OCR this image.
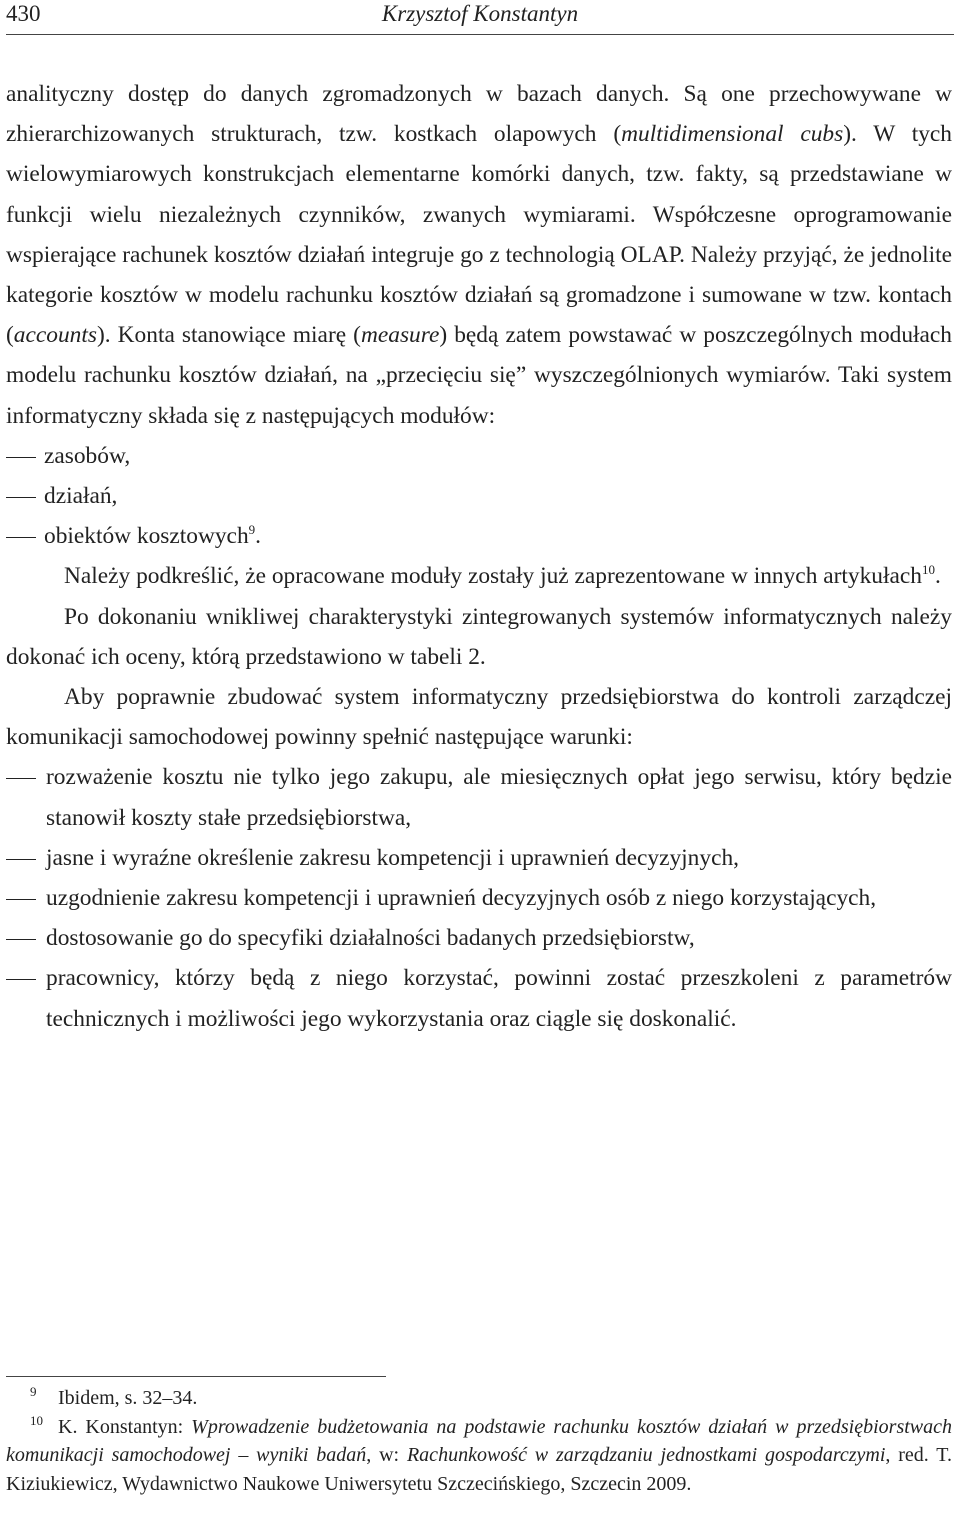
430	Krzysztof Konstantyn

analityczny dostęp do danych zgromadzonych w bazach danych. Są one przechowywane w zhierarchizowanych strukturach, tzw. kostkach olapowych (multidimensional cubs). W tych wielowymiarowych konstrukcjach elementarne komórki danych, tzw. fakty, są przedstawiane w funkcji wielu niezależnych czynników, zwanych wymiarami. Współczesne oprogramowanie wspierające rachunek kosztów działań integruje go z technologią OLAP. Należy przyjąć, że jednolite kategorie kosztów w modelu rachunku kosztów działań są gromadzone i sumowane w tzw. kontach (accounts). Konta stanowiące miarę (measure) będą zatem powstawać w poszczególnych modułach modelu rachunku kosztów działań, na „przecięciu się” wyszczególnionych wymiarów. Taki system informatyczny składa się z następujących modułów:

zasobów,
działań,
obiektów kosztowych$^9$.

Należy podkreślić, że opracowane moduły zostały już zaprezentowane w innych artykułach$^{10}$.

Po dokonaniu wnikliwej charakterystyki zintegrowanych systemów informatycznych należy dokonać ich oceny, którą przedstawiono w tabeli 2.

Aby poprawnie zbudować system informatyczny przedsiębiorstwa do kontroli zarządczej komunikacji samochodowej powinny spełnić następujące warunki:

rozważenie kosztu nie tylko jego zakupu, ale miesięcznych opłat jego serwisu, który będzie stanowił koszty stałe przedsiębiorstwa,
jasne i wyraźne określenie zakresu kompetencji i uprawnień decyzyjnych,
uzgodnienie zakresu kompetencji i uprawnień decyzyjnych osób z niego korzystających,
dostosowanie go do specyfiki działalności badanych przedsiębiorstw,
pracownicy, którzy będą z niego korzystać, powinni zostać przeszkoleni z parametrów technicznych i możliwości jego wykorzystania oraz ciągle się doskonalić.

9 Ibidem, s. 32–34.

10 K. Konstantyn: Wprowadzenie budżetowania na podstawie rachunku kosztów działań w przedsiębiorstwach komunikacji samochodowej – wyniki badań, w: Rachunkowość w zarządzaniu jednostkami gospodarczymi, red. T. Kiziukiewicz, Wydawnictwo Naukowe Uniwersytetu Szczecińskiego, Szczecin 2009.
